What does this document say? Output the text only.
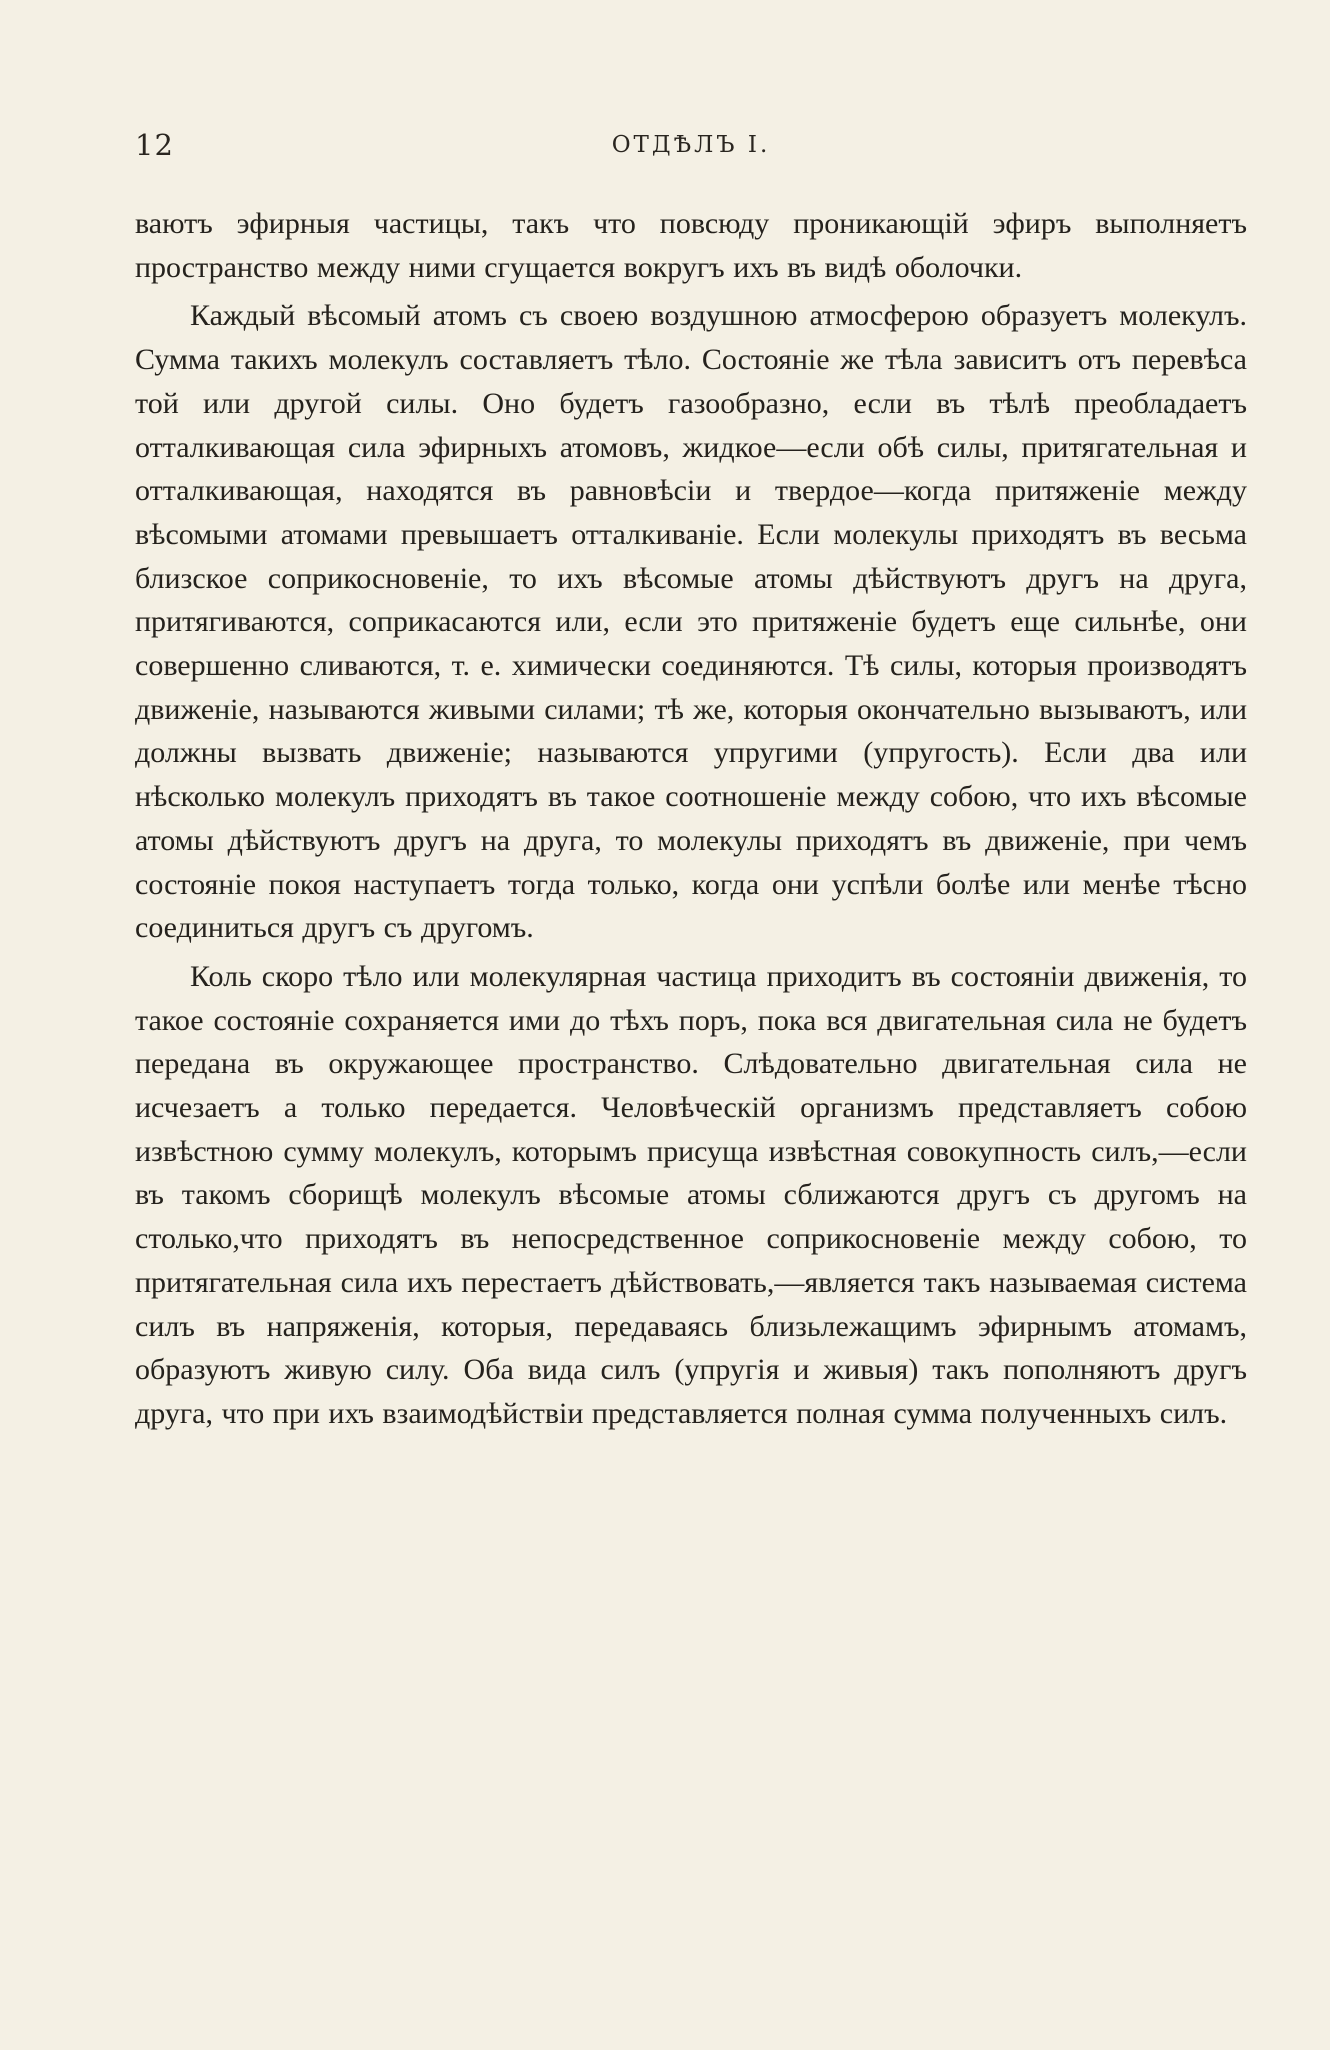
12	ОТДѢЛЪ I.

ваютъ эфирныя частицы, такъ что повсюду проникающій эфиръ выполняетъ пространство между ними сгущается вокругъ ихъ въ видѣ оболочки.

Каждый вѣсомый атомъ съ своею воздушною атмосферою образуетъ молекулъ. Сумма такихъ молекулъ составляетъ тѣло. Состояніе же тѣла зависитъ отъ перевѣса той или другой силы. Оно будетъ газообразно, если въ тѣлѣ преобладаетъ отталкивающая сила эфирныхъ атомовъ, жидкое—если обѣ силы, притягательная и отталкивающая, находятся въ равновѣсіи и твердое—когда притяженіе между вѣсомыми атомами превышаетъ отталкиваніе. Если молекулы приходятъ въ весьма близское соприкосновеніе, то ихъ вѣсомые атомы дѣйствуютъ другъ на друга, притягиваются, соприкасаются или, если это притяженіе будетъ еще сильнѣе, они совершенно сливаются, т. е. химически соединяются. Тѣ силы, которыя производятъ движеніе, называются живыми силами; тѣ же, которыя окончательно вызываютъ, или должны вызвать движеніе; называются упругими (упругость). Если два или нѣсколько молекулъ приходятъ въ такое соотношеніе между собою, что ихъ вѣсомые атомы дѣйствуютъ другъ на друга, то молекулы приходятъ въ движеніе, при чемъ состояніе покоя наступаетъ тогда только, когда они успѣли болѣе или менѣе тѣсно соединиться другъ съ другомъ.

Коль скоро тѣло или молекулярная частица приходитъ въ состояніи движенія, то такое состояніе сохраняется ими до тѣхъ поръ, пока вся двигательная сила не будетъ передана въ окружающее пространство. Слѣдовательно двигательная сила не исчезаетъ а только передается. Человѣческій организмъ представляетъ собою извѣстною сумму молекулъ, которымъ присуща извѣстная совокупность силъ,—если въ такомъ сборищѣ молекулъ вѣсомые атомы сближаются другъ съ другомъ на столько,что приходятъ въ непосредственное соприкосновеніе между собою, то притягательная сила ихъ перестаетъ дѣйствовать,—является такъ называемая система силъ въ напряженія, которыя, передаваясь близьлежащимъ эфирнымъ атомамъ, образуютъ живую силу. Оба вида силъ (упругія и живыя) такъ пополняютъ другъ друга, что при ихъ взаимодѣйствіи представляется полная сумма полученныхъ силъ.
